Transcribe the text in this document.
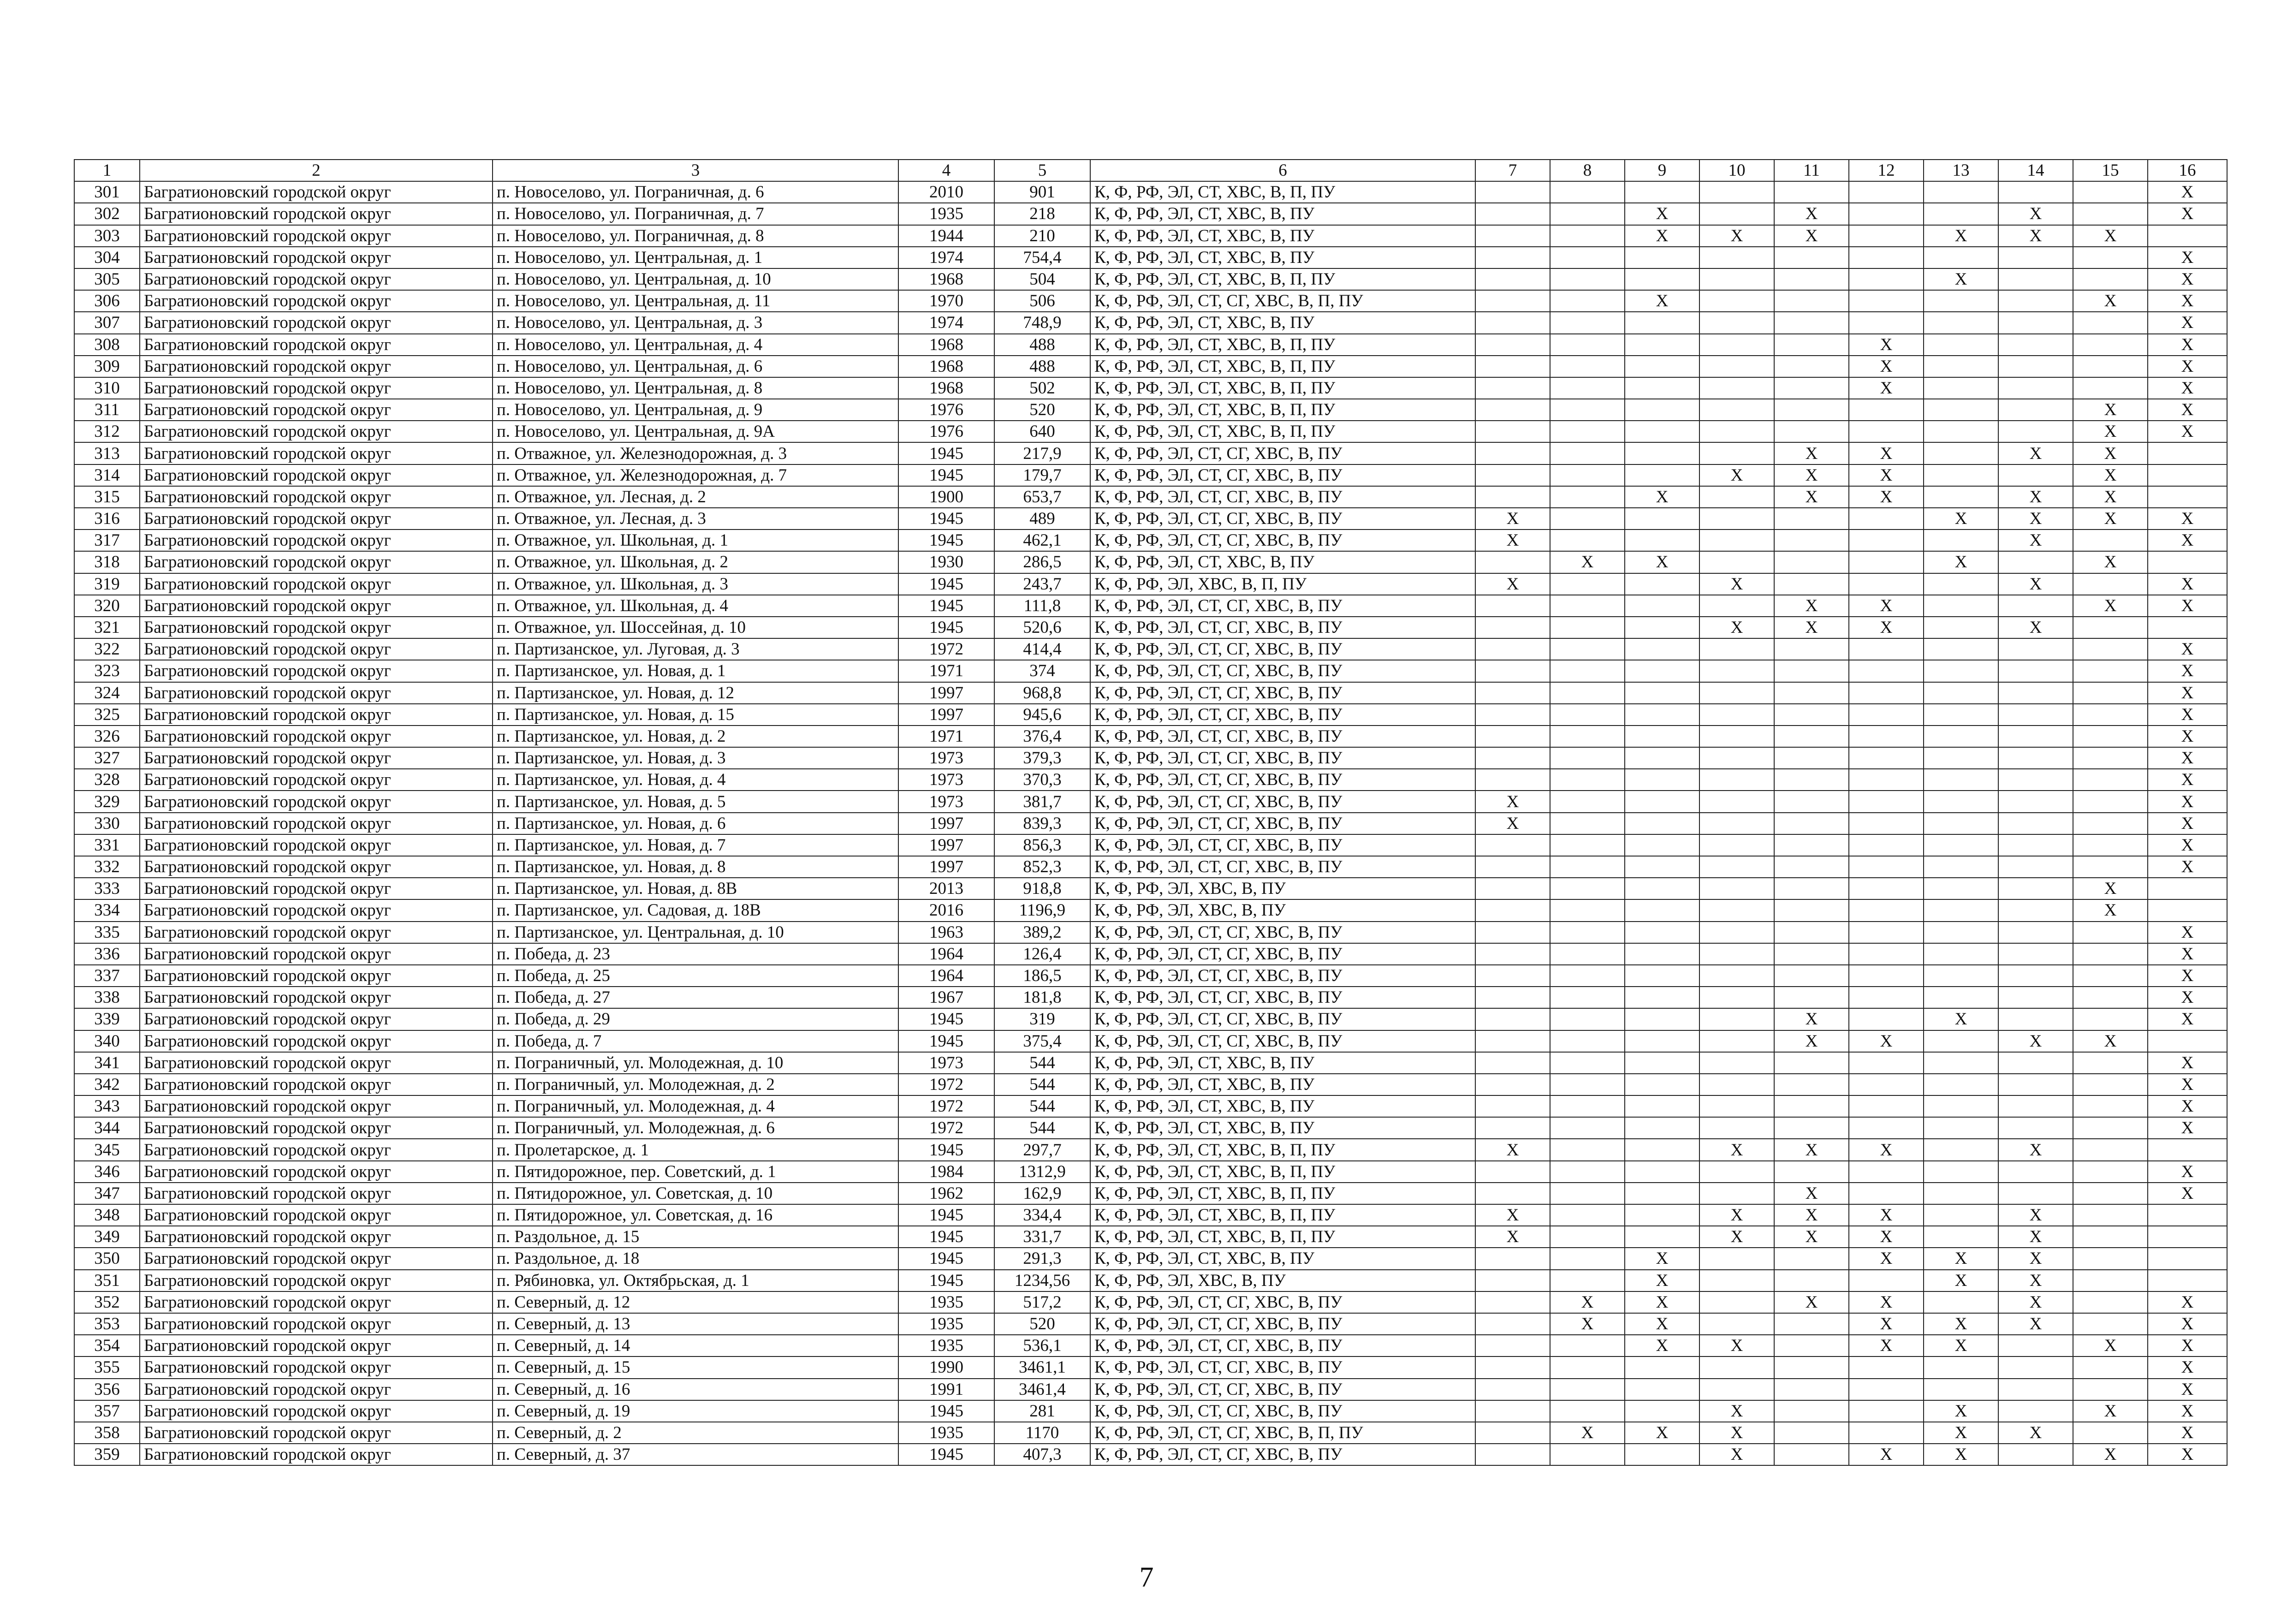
1	2	3	4	5	6	7	8	9	10	11	12	13	14	15	16
301	Багратионовский городской округ	п. Новоселово, ул. Пограничная, д. 6	2010	901	К, Ф, РФ, ЭЛ, СТ, ХВС, В, П, ПУ										X
302	Багратионовский городской округ	п. Новоселово, ул. Пограничная, д. 7	1935	218	К, Ф, РФ, ЭЛ, СТ, ХВС, В, ПУ			X		X			X		X
303	Багратионовский городской округ	п. Новоселово, ул. Пограничная, д. 8	1944	210	К, Ф, РФ, ЭЛ, СТ, ХВС, В, ПУ			X	X	X		X	X	X	
304	Багратионовский городской округ	п. Новоселово, ул. Центральная, д. 1	1974	754,4	К, Ф, РФ, ЭЛ, СТ, ХВС, В, ПУ										X
305	Багратионовский городской округ	п. Новоселово, ул. Центральная, д. 10	1968	504	К, Ф, РФ, ЭЛ, СТ, ХВС, В, П, ПУ							X			X
306	Багратионовский городской округ	п. Новоселово, ул. Центральная, д. 11	1970	506	К, Ф, РФ, ЭЛ, СТ, СГ, ХВС, В, П, ПУ			X						X	X
307	Багратионовский городской округ	п. Новоселово, ул. Центральная, д. 3	1974	748,9	К, Ф, РФ, ЭЛ, СТ, ХВС, В, ПУ										X
308	Багратионовский городской округ	п. Новоселово, ул. Центральная, д. 4	1968	488	К, Ф, РФ, ЭЛ, СТ, ХВС, В, П, ПУ						X				X
309	Багратионовский городской округ	п. Новоселово, ул. Центральная, д. 6	1968	488	К, Ф, РФ, ЭЛ, СТ, ХВС, В, П, ПУ						X				X
310	Багратионовский городской округ	п. Новоселово, ул. Центральная, д. 8	1968	502	К, Ф, РФ, ЭЛ, СТ, ХВС, В, П, ПУ						X				X
311	Багратионовский городской округ	п. Новоселово, ул. Центральная, д. 9	1976	520	К, Ф, РФ, ЭЛ, СТ, ХВС, В, П, ПУ									X	X
312	Багратионовский городской округ	п. Новоселово, ул. Центральная, д. 9А	1976	640	К, Ф, РФ, ЭЛ, СТ, ХВС, В, П, ПУ									X	X
313	Багратионовский городской округ	п. Отважное, ул. Железнодорожная, д. 3	1945	217,9	К, Ф, РФ, ЭЛ, СТ, СГ, ХВС, В, ПУ					X	X		X	X	
314	Багратионовский городской округ	п. Отважное, ул. Железнодорожная, д. 7	1945	179,7	К, Ф, РФ, ЭЛ, СТ, СГ, ХВС, В, ПУ				X	X	X			X	
315	Багратионовский городской округ	п. Отважное, ул. Лесная, д. 2	1900	653,7	К, Ф, РФ, ЭЛ, СТ, СГ, ХВС, В, ПУ			X		X	X		X	X	
316	Багратионовский городской округ	п. Отважное, ул. Лесная, д. 3	1945	489	К, Ф, РФ, ЭЛ, СТ, СГ, ХВС, В, ПУ	X						X	X	X	X
317	Багратионовский городской округ	п. Отважное, ул. Школьная, д. 1	1945	462,1	К, Ф, РФ, ЭЛ, СТ, СГ, ХВС, В, ПУ	X							X		X
318	Багратионовский городской округ	п. Отважное, ул. Школьная, д. 2	1930	286,5	К, Ф, РФ, ЭЛ, СТ, ХВС, В, ПУ		X	X				X		X	
319	Багратионовский городской округ	п. Отважное, ул. Школьная, д. 3	1945	243,7	К, Ф, РФ, ЭЛ, ХВС, В, П, ПУ	X			X				X		X
320	Багратионовский городской округ	п. Отважное, ул. Школьная, д. 4	1945	111,8	К, Ф, РФ, ЭЛ, СТ, СГ, ХВС, В, ПУ					X	X			X	X
321	Багратионовский городской округ	п. Отважное, ул. Шоссейная, д. 10	1945	520,6	К, Ф, РФ, ЭЛ, СТ, СГ, ХВС, В, ПУ				X	X	X		X		
322	Багратионовский городской округ	п. Партизанское, ул. Луговая, д. 3	1972	414,4	К, Ф, РФ, ЭЛ, СТ, СГ, ХВС, В, ПУ										X
323	Багратионовский городской округ	п. Партизанское, ул. Новая, д. 1	1971	374	К, Ф, РФ, ЭЛ, СТ, СГ, ХВС, В, ПУ										X
324	Багратионовский городской округ	п. Партизанское, ул. Новая, д. 12	1997	968,8	К, Ф, РФ, ЭЛ, СТ, СГ, ХВС, В, ПУ										X
325	Багратионовский городской округ	п. Партизанское, ул. Новая, д. 15	1997	945,6	К, Ф, РФ, ЭЛ, СТ, СГ, ХВС, В, ПУ										X
326	Багратионовский городской округ	п. Партизанское, ул. Новая, д. 2	1971	376,4	К, Ф, РФ, ЭЛ, СТ, СГ, ХВС, В, ПУ										X
327	Багратионовский городской округ	п. Партизанское, ул. Новая, д. 3	1973	379,3	К, Ф, РФ, ЭЛ, СТ, СГ, ХВС, В, ПУ										X
328	Багратионовский городской округ	п. Партизанское, ул. Новая, д. 4	1973	370,3	К, Ф, РФ, ЭЛ, СТ, СГ, ХВС, В, ПУ										X
329	Багратионовский городской округ	п. Партизанское, ул. Новая, д. 5	1973	381,7	К, Ф, РФ, ЭЛ, СТ, СГ, ХВС, В, ПУ	X									X
330	Багратионовский городской округ	п. Партизанское, ул. Новая, д. 6	1997	839,3	К, Ф, РФ, ЭЛ, СТ, СГ, ХВС, В, ПУ	X									X
331	Багратионовский городской округ	п. Партизанское, ул. Новая, д. 7	1997	856,3	К, Ф, РФ, ЭЛ, СТ, СГ, ХВС, В, ПУ										X
332	Багратионовский городской округ	п. Партизанское, ул. Новая, д. 8	1997	852,3	К, Ф, РФ, ЭЛ, СТ, СГ, ХВС, В, ПУ										X
333	Багратионовский городской округ	п. Партизанское, ул. Новая, д. 8В	2013	918,8	К, Ф, РФ, ЭЛ, ХВС, В, ПУ									X	
334	Багратионовский городской округ	п. Партизанское, ул. Садовая, д. 18В	2016	1196,9	К, Ф, РФ, ЭЛ, ХВС, В, ПУ									X	
335	Багратионовский городской округ	п. Партизанское, ул. Центральная, д. 10	1963	389,2	К, Ф, РФ, ЭЛ, СТ, СГ, ХВС, В, ПУ										X
336	Багратионовский городской округ	п. Победа, д. 23	1964	126,4	К, Ф, РФ, ЭЛ, СТ, СГ, ХВС, В, ПУ										X
337	Багратионовский городской округ	п. Победа, д. 25	1964	186,5	К, Ф, РФ, ЭЛ, СТ, СГ, ХВС, В, ПУ										X
338	Багратионовский городской округ	п. Победа, д. 27	1967	181,8	К, Ф, РФ, ЭЛ, СТ, СГ, ХВС, В, ПУ										X
339	Багратионовский городской округ	п. Победа, д. 29	1945	319	К, Ф, РФ, ЭЛ, СТ, СГ, ХВС, В, ПУ					X		X			X
340	Багратионовский городской округ	п. Победа, д. 7	1945	375,4	К, Ф, РФ, ЭЛ, СТ, СГ, ХВС, В, ПУ					X	X		X	X	
341	Багратионовский городской округ	п. Пограничный, ул. Молодежная, д. 10	1973	544	К, Ф, РФ, ЭЛ, СТ, ХВС, В, ПУ										X
342	Багратионовский городской округ	п. Пограничный, ул. Молодежная, д. 2	1972	544	К, Ф, РФ, ЭЛ, СТ, ХВС, В, ПУ										X
343	Багратионовский городской округ	п. Пограничный, ул. Молодежная, д. 4	1972	544	К, Ф, РФ, ЭЛ, СТ, ХВС, В, ПУ										X
344	Багратионовский городской округ	п. Пограничный, ул. Молодежная, д. 6	1972	544	К, Ф, РФ, ЭЛ, СТ, ХВС, В, ПУ										X
345	Багратионовский городской округ	п. Пролетарское, д. 1	1945	297,7	К, Ф, РФ, ЭЛ, СТ, ХВС, В, П, ПУ	X			X	X	X		X		
346	Багратионовский городской округ	п. Пятидорожное, пер. Советский, д. 1	1984	1312,9	К, Ф, РФ, ЭЛ, СТ, ХВС, В, П, ПУ										X
347	Багратионовский городской округ	п. Пятидорожное, ул. Советская, д. 10	1962	162,9	К, Ф, РФ, ЭЛ, СТ, ХВС, В, П, ПУ					X					X
348	Багратионовский городской округ	п. Пятидорожное, ул. Советская, д. 16	1945	334,4	К, Ф, РФ, ЭЛ, СТ, ХВС, В, П, ПУ	X			X	X	X		X		
349	Багратионовский городской округ	п. Раздольное, д. 15	1945	331,7	К, Ф, РФ, ЭЛ, СТ, ХВС, В, П, ПУ	X			X	X	X		X		
350	Багратионовский городской округ	п. Раздольное, д. 18	1945	291,3	К, Ф, РФ, ЭЛ, СТ, ХВС, В, ПУ			X			X	X	X		
351	Багратионовский городской округ	п. Рябиновка, ул. Октябрьская, д. 1	1945	1234,56	К, Ф, РФ, ЭЛ, ХВС, В, ПУ			X				X	X		
352	Багратионовский городской округ	п. Северный, д. 12	1935	517,2	К, Ф, РФ, ЭЛ, СТ, СГ, ХВС, В, ПУ		X	X		X	X		X		X
353	Багратионовский городской округ	п. Северный, д. 13	1935	520	К, Ф, РФ, ЭЛ, СТ, СГ, ХВС, В, ПУ		X	X			X	X	X		X
354	Багратионовский городской округ	п. Северный, д. 14	1935	536,1	К, Ф, РФ, ЭЛ, СТ, СГ, ХВС, В, ПУ			X	X		X	X		X	X
355	Багратионовский городской округ	п. Северный, д. 15	1990	3461,1	К, Ф, РФ, ЭЛ, СТ, СГ, ХВС, В, ПУ										X
356	Багратионовский городской округ	п. Северный, д. 16	1991	3461,4	К, Ф, РФ, ЭЛ, СТ, СГ, ХВС, В, ПУ										X
357	Багратионовский городской округ	п. Северный, д. 19	1945	281	К, Ф, РФ, ЭЛ, СТ, СГ, ХВС, В, ПУ				X			X		X	X
358	Багратионовский городской округ	п. Северный, д. 2	1935	1170	К, Ф, РФ, ЭЛ, СТ, СГ, ХВС, В, П, ПУ		X	X	X			X	X		X
359	Багратионовский городской округ	п. Северный, д. 37	1945	407,3	К, Ф, РФ, ЭЛ, СТ, СГ, ХВС, В, ПУ				X		X	X		X	X
7
